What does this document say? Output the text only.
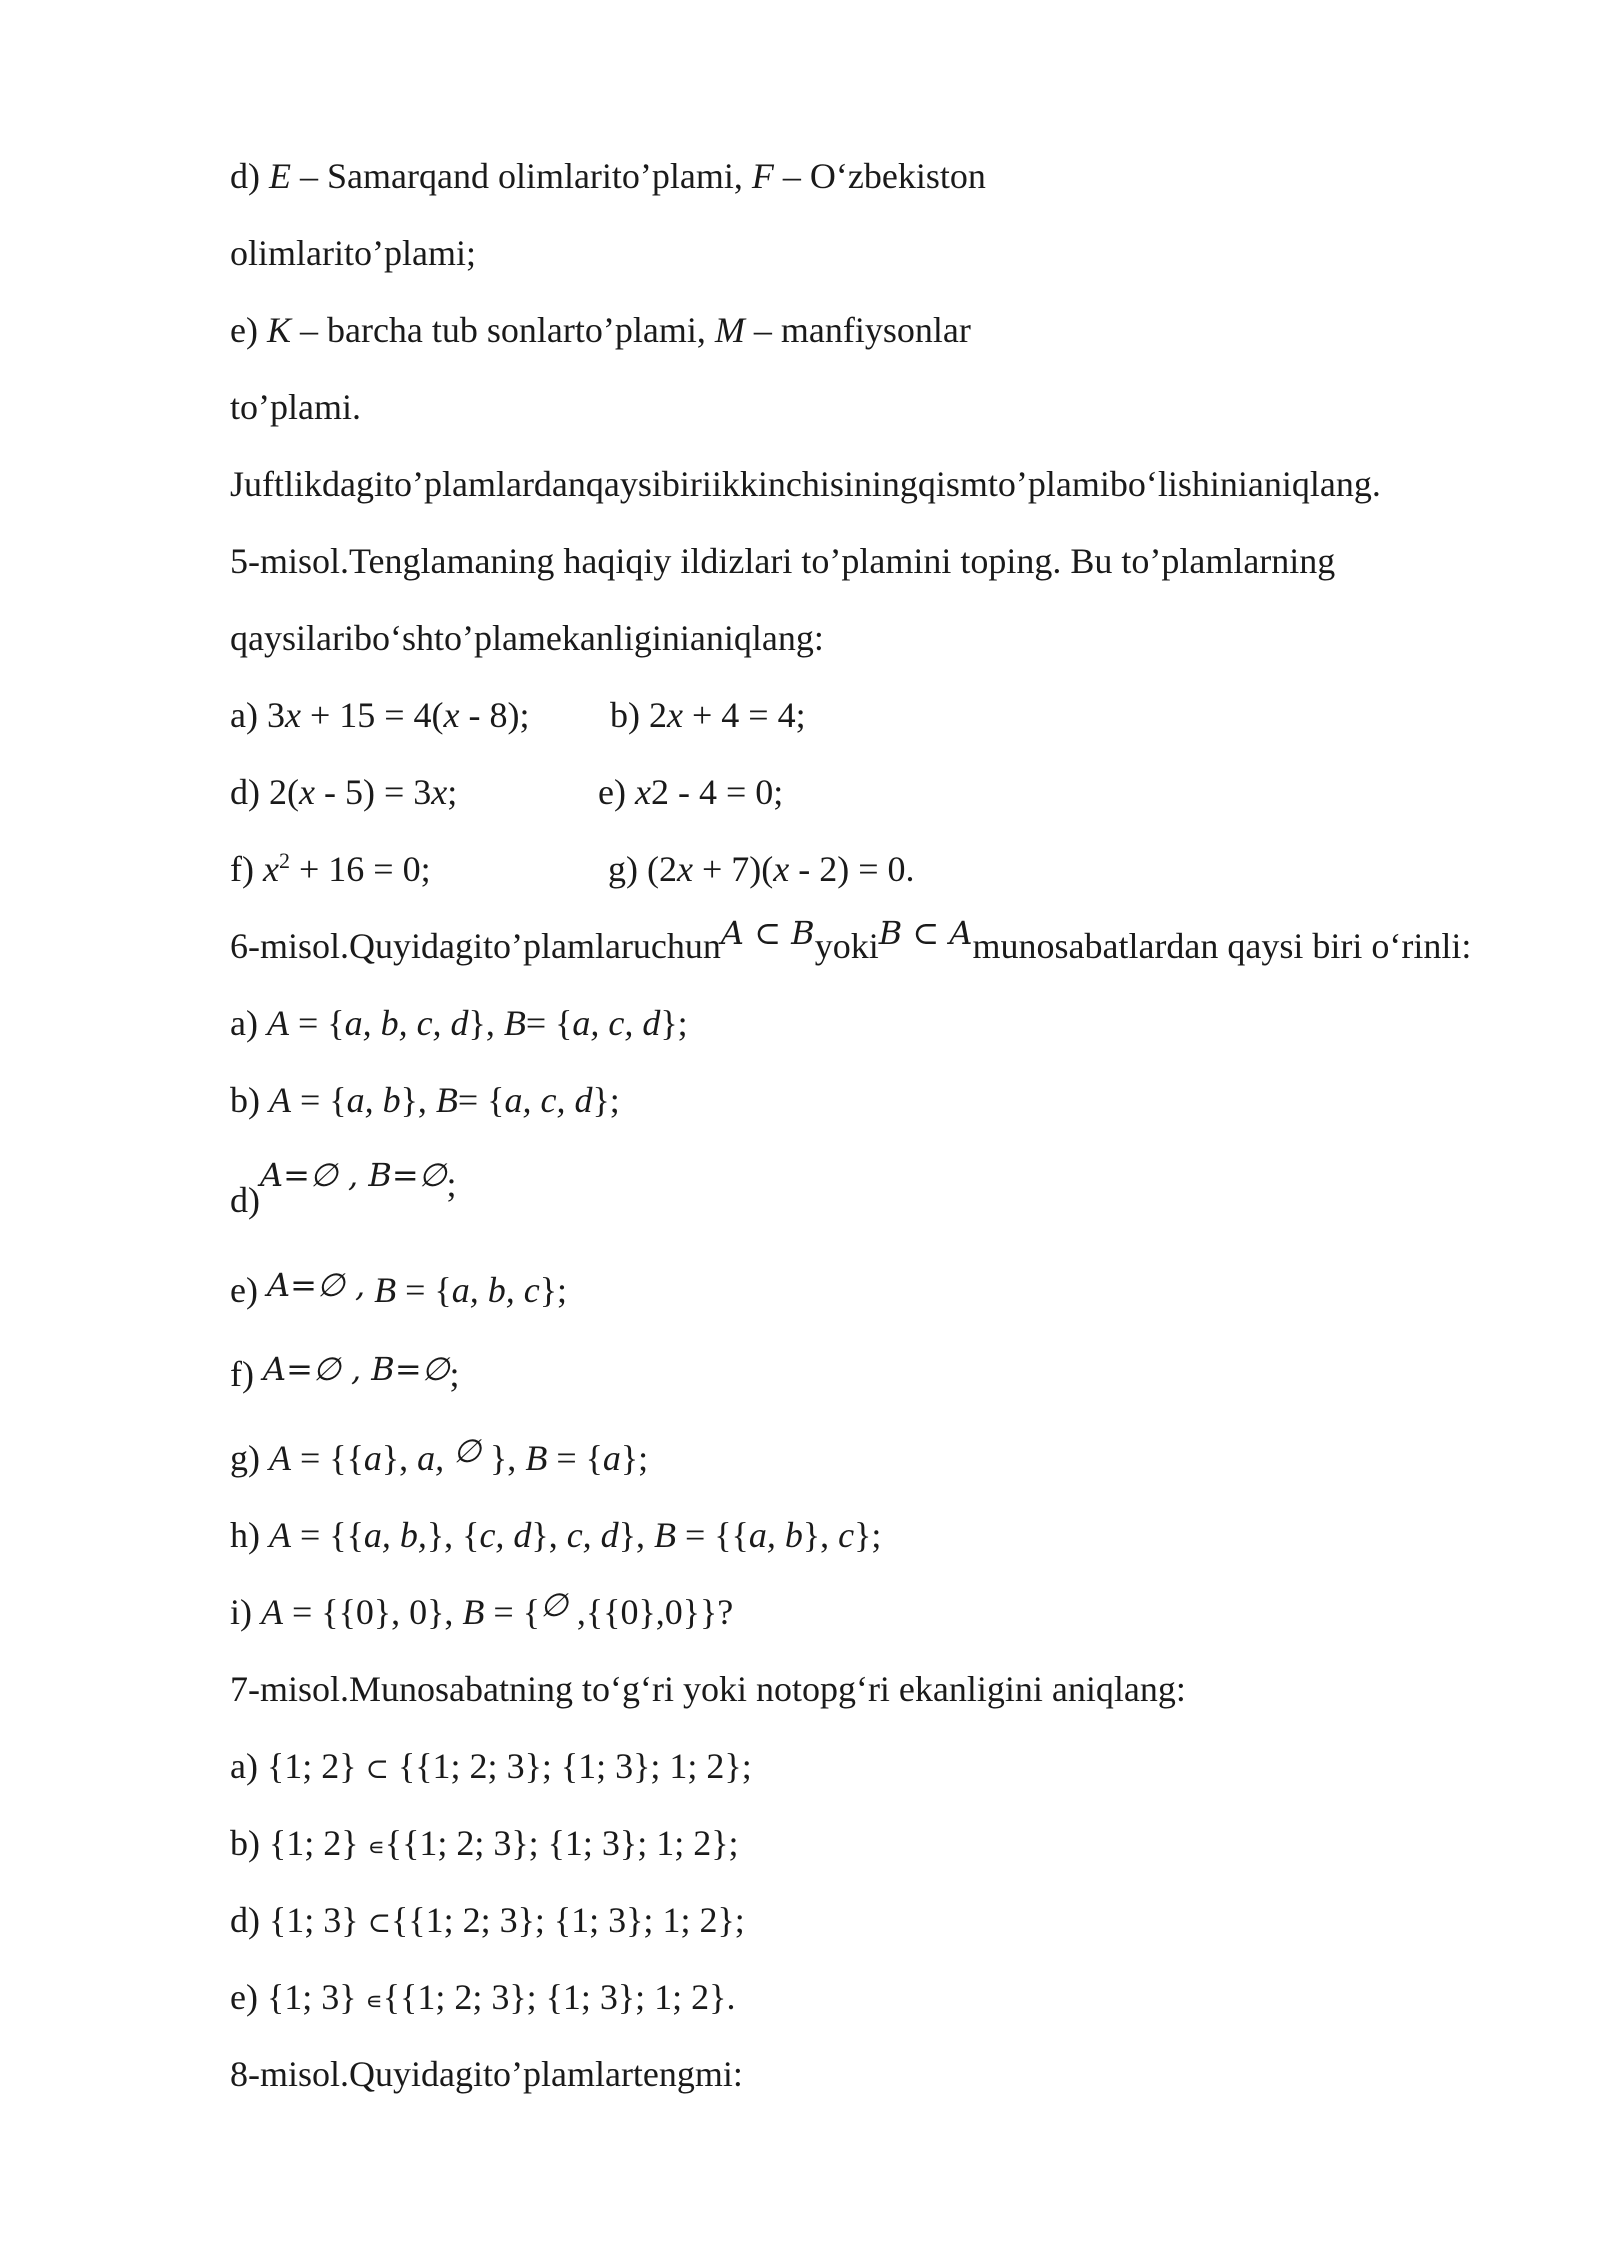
d) E – Samarqand olimlarito’plami, F – O‘zbekiston
olimlarito’plami;
e) K – barcha tub sonlarto’plami, M – manfiysonlar
to’plami.
Juftlikdagito’plamlardanqaysibiriikkinchisiningqismto’plamibo‘lishinianiqlang.
5-misol.Tenglamaning haqiqiy ildizlari to’plamini toping. Bu to’plamlarning
qaysilaribo‘shto’plamekanliginianiqlang:
a) 3x + 15 = 4(x - 8); b) 2x + 4 = 4;
d) 2(x - 5) = 3x;	e) x2 - 4 = 0;
f) $x^2 + 16 = 0$;	g) (2x + 7)(x - 2) = 0.
6-misol.Quyidagito’plamlaruchunA ⊂ ByokiB ⊂ Amunosabatlardan qaysi biri o‘rinli:
a) A = {a, b, c, d}, B= {a, c, d};
b) A = {a, b}, B= {a, c, d};
d)A=∅ , B=∅;
e) A=∅ , B = {a, b, c};
f) A=∅ , B=∅;
g) A = {{a}, a, ∅ }, B = {a};
h) A = {{a, b,}, {c, d}, c, d}, B = {{a, b}, c};
i) A = {{0}, 0}, B = {∅ ,{{0},0}}?
7-misol.Munosabatning to‘g‘ri yoki notopg‘ri ekanligini aniqlang:
a) {1; 2} ⊂ {{1; 2; 3}; {1; 3}; 1; 2};
b) {1; 2} ∊{{1; 2; 3}; {1; 3}; 1; 2};
d) {1; 3} ⊂{{1; 2; 3}; {1; 3}; 1; 2};
e) {1; 3} ∊{{1; 2; 3}; {1; 3}; 1; 2}.
8-misol.Quyidagito’plamlartengmi:
